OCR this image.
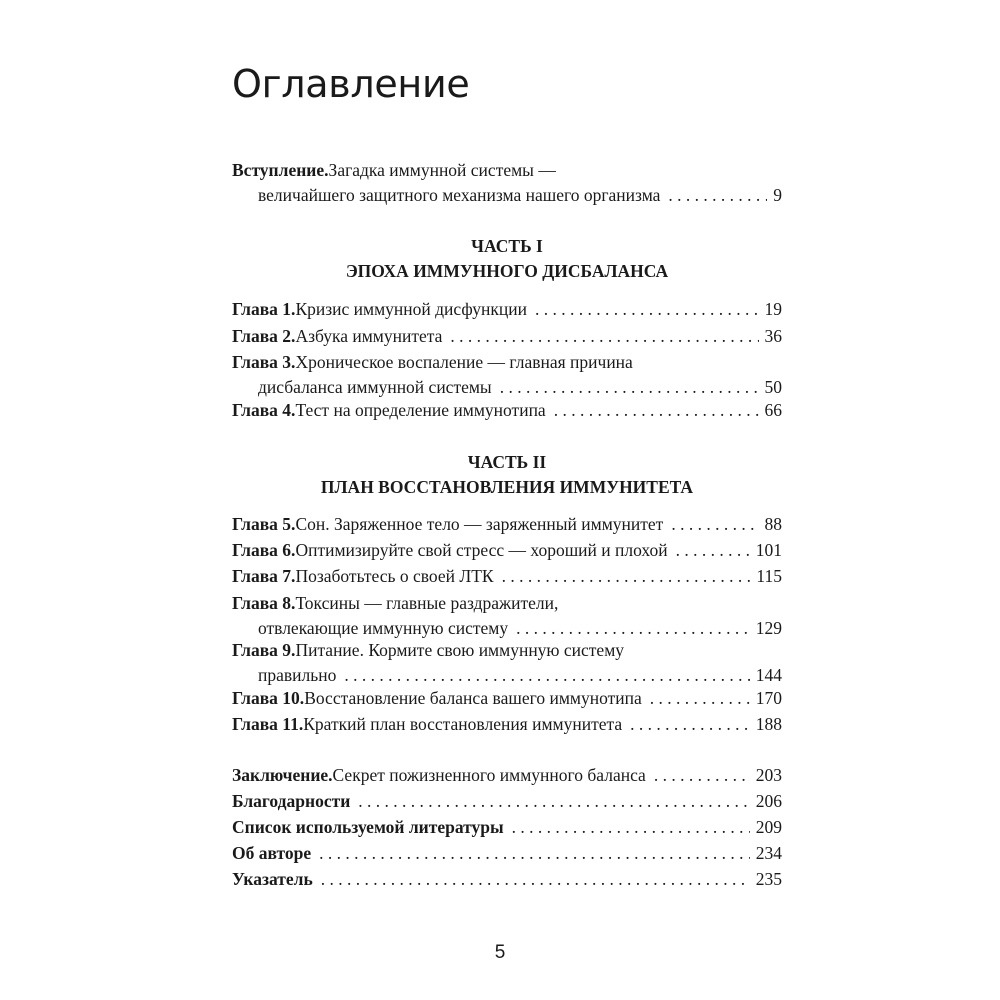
Оглавление
Вступление. Загадка иммунной системы —
величайшего защитного механизма нашего организма . . .	9
ЧАСТЬ I
ЭПОХА ИММУННОГО ДИСБАЛАНСА
Глава 1. Кризис иммунной дисфункции . . .	19
Глава 2. Азбука иммунитета . . .	36
Глава 3. Хроническое воспаление — главная причина
дисбаланса иммунной системы . . .	50
Глава 4. Тест на определение иммунотипа . . .	66
ЧАСТЬ II
ПЛАН ВОССТАНОВЛЕНИЯ ИММУНИТЕТА
Глава 5. Сон. Заряженное тело — заряженный иммунитет . . .	88
Глава 6. Оптимизируйте свой стресс — хороший и плохой . . .	101
Глава 7. Позаботьтесь о своей ЛТК . . .	115
Глава 8. Токсины — главные раздражители,
отвлекающие иммунную систему . . .	129
Глава 9. Питание. Кормите свою иммунную систему
правильно . . .	144
Глава 10. Восстановление баланса вашего иммунотипа . . .	170
Глава 11. Краткий план восстановления иммунитета . . .	188
Заключение. Секрет пожизненного иммунного баланса . . .	203
Благодарности . . .	206
Список используемой литературы . . .	209
Об авторе . . .	234
Указатель . . .	235
5
